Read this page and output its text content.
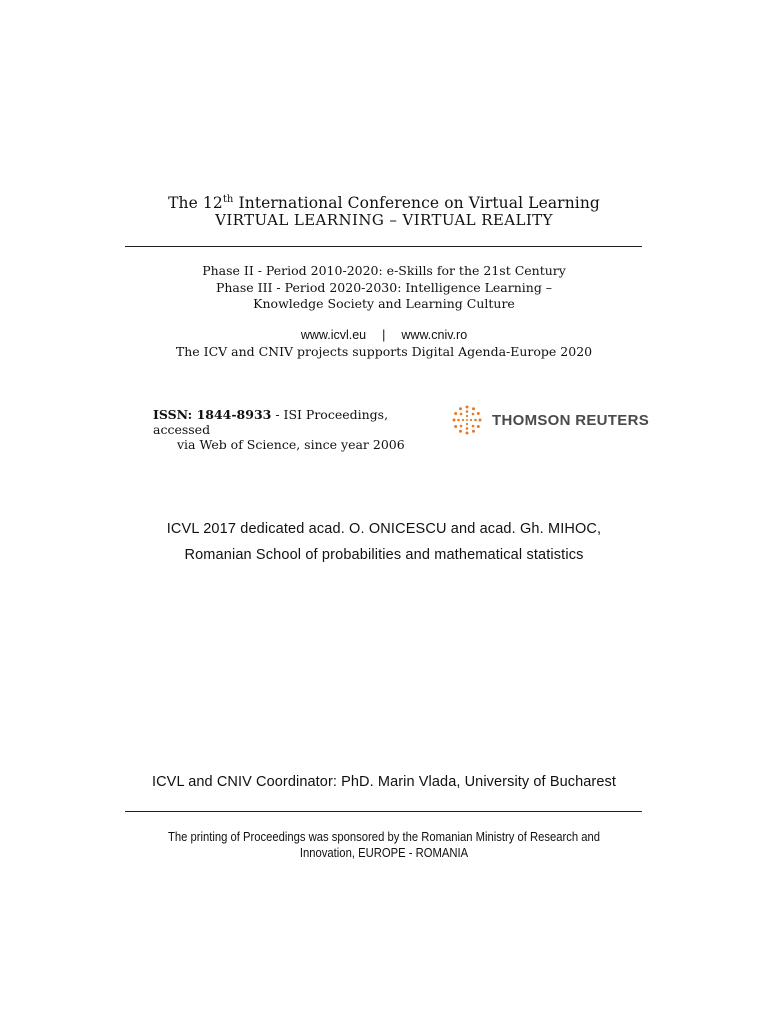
The 12th International Conference on Virtual Learning
VIRTUAL LEARNING – VIRTUAL REALITY
Phase II - Period 2010-2020: e-Skills for the 21st Century
Phase III - Period 2020-2030: Intelligence Learning –
Knowledge Society and Learning Culture
www.icvl.eu | www.cniv.ro
The ICV and CNIV projects supports Digital Agenda-Europe 2020
ISSN: 1844-8933 - ISI Proceedings, accessed
via Web of Science, since year 2006
THOMSON REUTERS
ICVL 2017 dedicated acad. O. ONICESCU and acad. Gh. MIHOC,
Romanian School of probabilities and mathematical statistics
ICVL and CNIV Coordinator: PhD. Marin Vlada, University of Bucharest
The printing of Proceedings was sponsored by the Romanian Ministry of Research and
Innovation, EUROPE - ROMANIA
